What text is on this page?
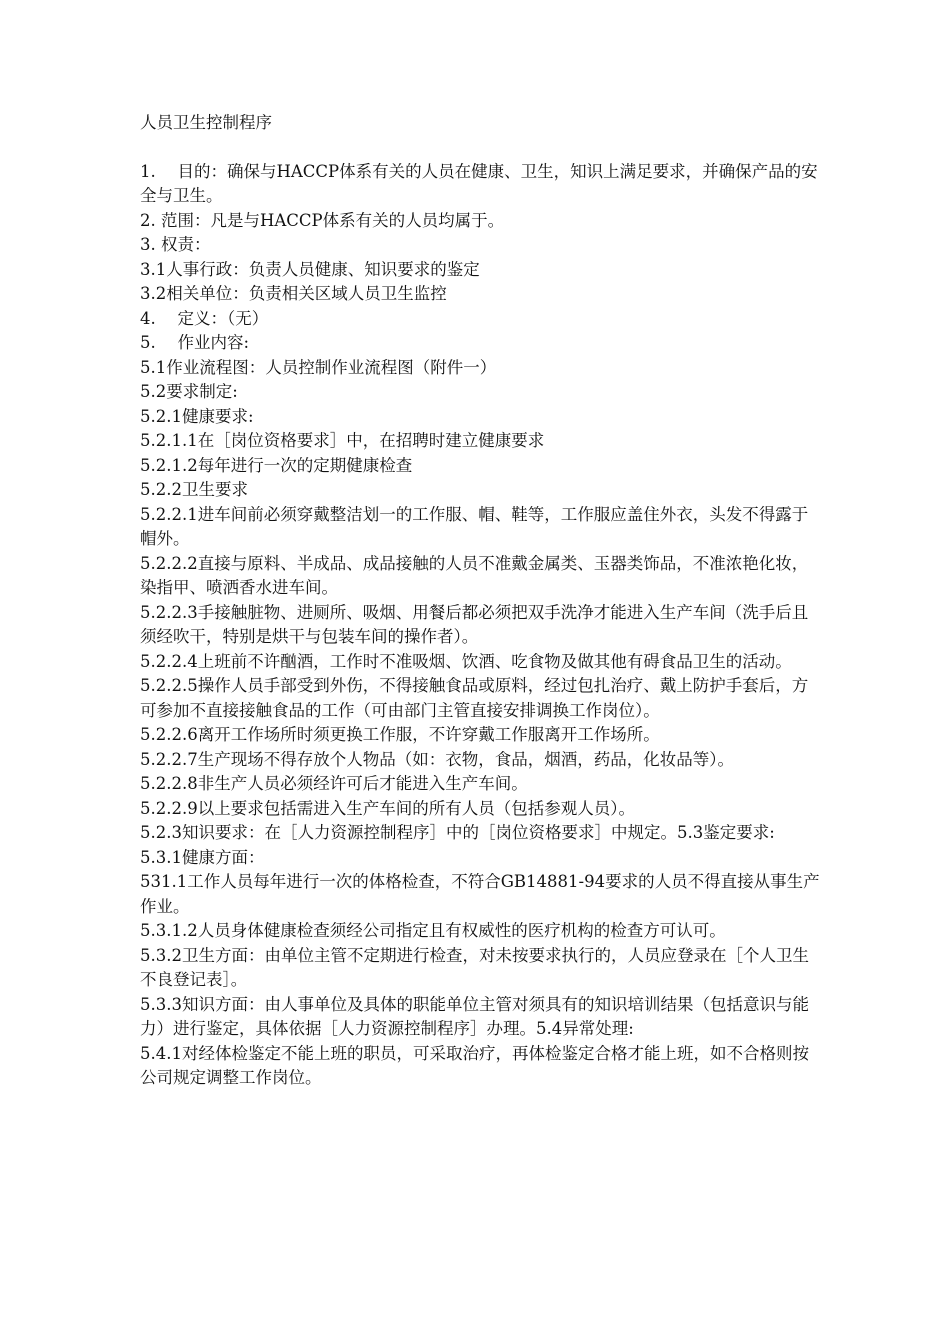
人员卫生控制程序

1.　 目的：确保与HACCP体系有关的人员在健康、卫生，知识上满足要求，并确保产品的安全与卫生。

2. 范围：凡是与HACCP体系有关的人员均属于。

3. 权责：

3.1人事行政：负责人员健康、知识要求的鉴定

3.2相关单位：负责相关区域人员卫生监控

4.　 定义：（无）

5.　 作业内容:

5.1作业流程图：人员控制作业流程图（附件一）

5.2要求制定:

5.2.1健康要求:

5.2.1.1在［岗位资格要求］中，在招聘时建立健康要求

5.2.1.2每年进行一次的定期健康检查

5.2.2卫生要求

5.2.2.1进车间前必须穿戴整洁划一的工作服、帽、鞋等，工作服应盖住外衣，头发不得露于帽外。

5.2.2.2直接与原料、半成品、成品接触的人员不准戴金属类、玉器类饰品，不准浓艳化妆，染指甲、喷洒香水进车间。

5.2.2.3手接触脏物、进厕所、吸烟、用餐后都必须把双手洗净才能进入生产车间（洗手后且须经吹干，特别是烘干与包装车间的操作者）。

5.2.2.4上班前不许酗酒，工作时不准吸烟、饮酒、吃食物及做其他有碍食品卫生的活动。

5.2.2.5操作人员手部受到外伤，不得接触食品或原料，经过包扎治疗、戴上防护手套后，方可参加不直接接触食品的工作（可由部门主管直接安排调换工作岗位）。

5.2.2.6离开工作场所时须更换工作服，不许穿戴工作服离开工作场所。

5.2.2.7生产现场不得存放个人物品（如：衣物，食品，烟酒，药品，化妆品等）。

5.2.2.8非生产人员必须经许可后才能进入生产车间。

5.2.2.9以上要求包括需进入生产车间的所有人员（包括参观人员）。

5.2.3知识要求：在［人力资源控制程序］中的［岗位资格要求］中规定。5.3鉴定要求:

5.3.1健康方面：

531.1工作人员每年进行一次的体格检查，不符合GB14881-94要求的人员不得直接从事生产作业。

5.3.1.2人员身体健康检查须经公司指定且有权威性的医疗机构的检查方可认可。

5.3.2卫生方面：由单位主管不定期进行检查，对未按要求执行的，人员应登录在［个人卫生不良登记表］。

5.3.3知识方面：由人事单位及具体的职能单位主管对须具有的知识培训结果（包括意识与能力）进行鉴定，具体依据［人力资源控制程序］办理。5.4异常处理:

5.4.1对经体检鉴定不能上班的职员，可采取治疗，再体检鉴定合格才能上班，如不合格则按公司规定调整工作岗位。
